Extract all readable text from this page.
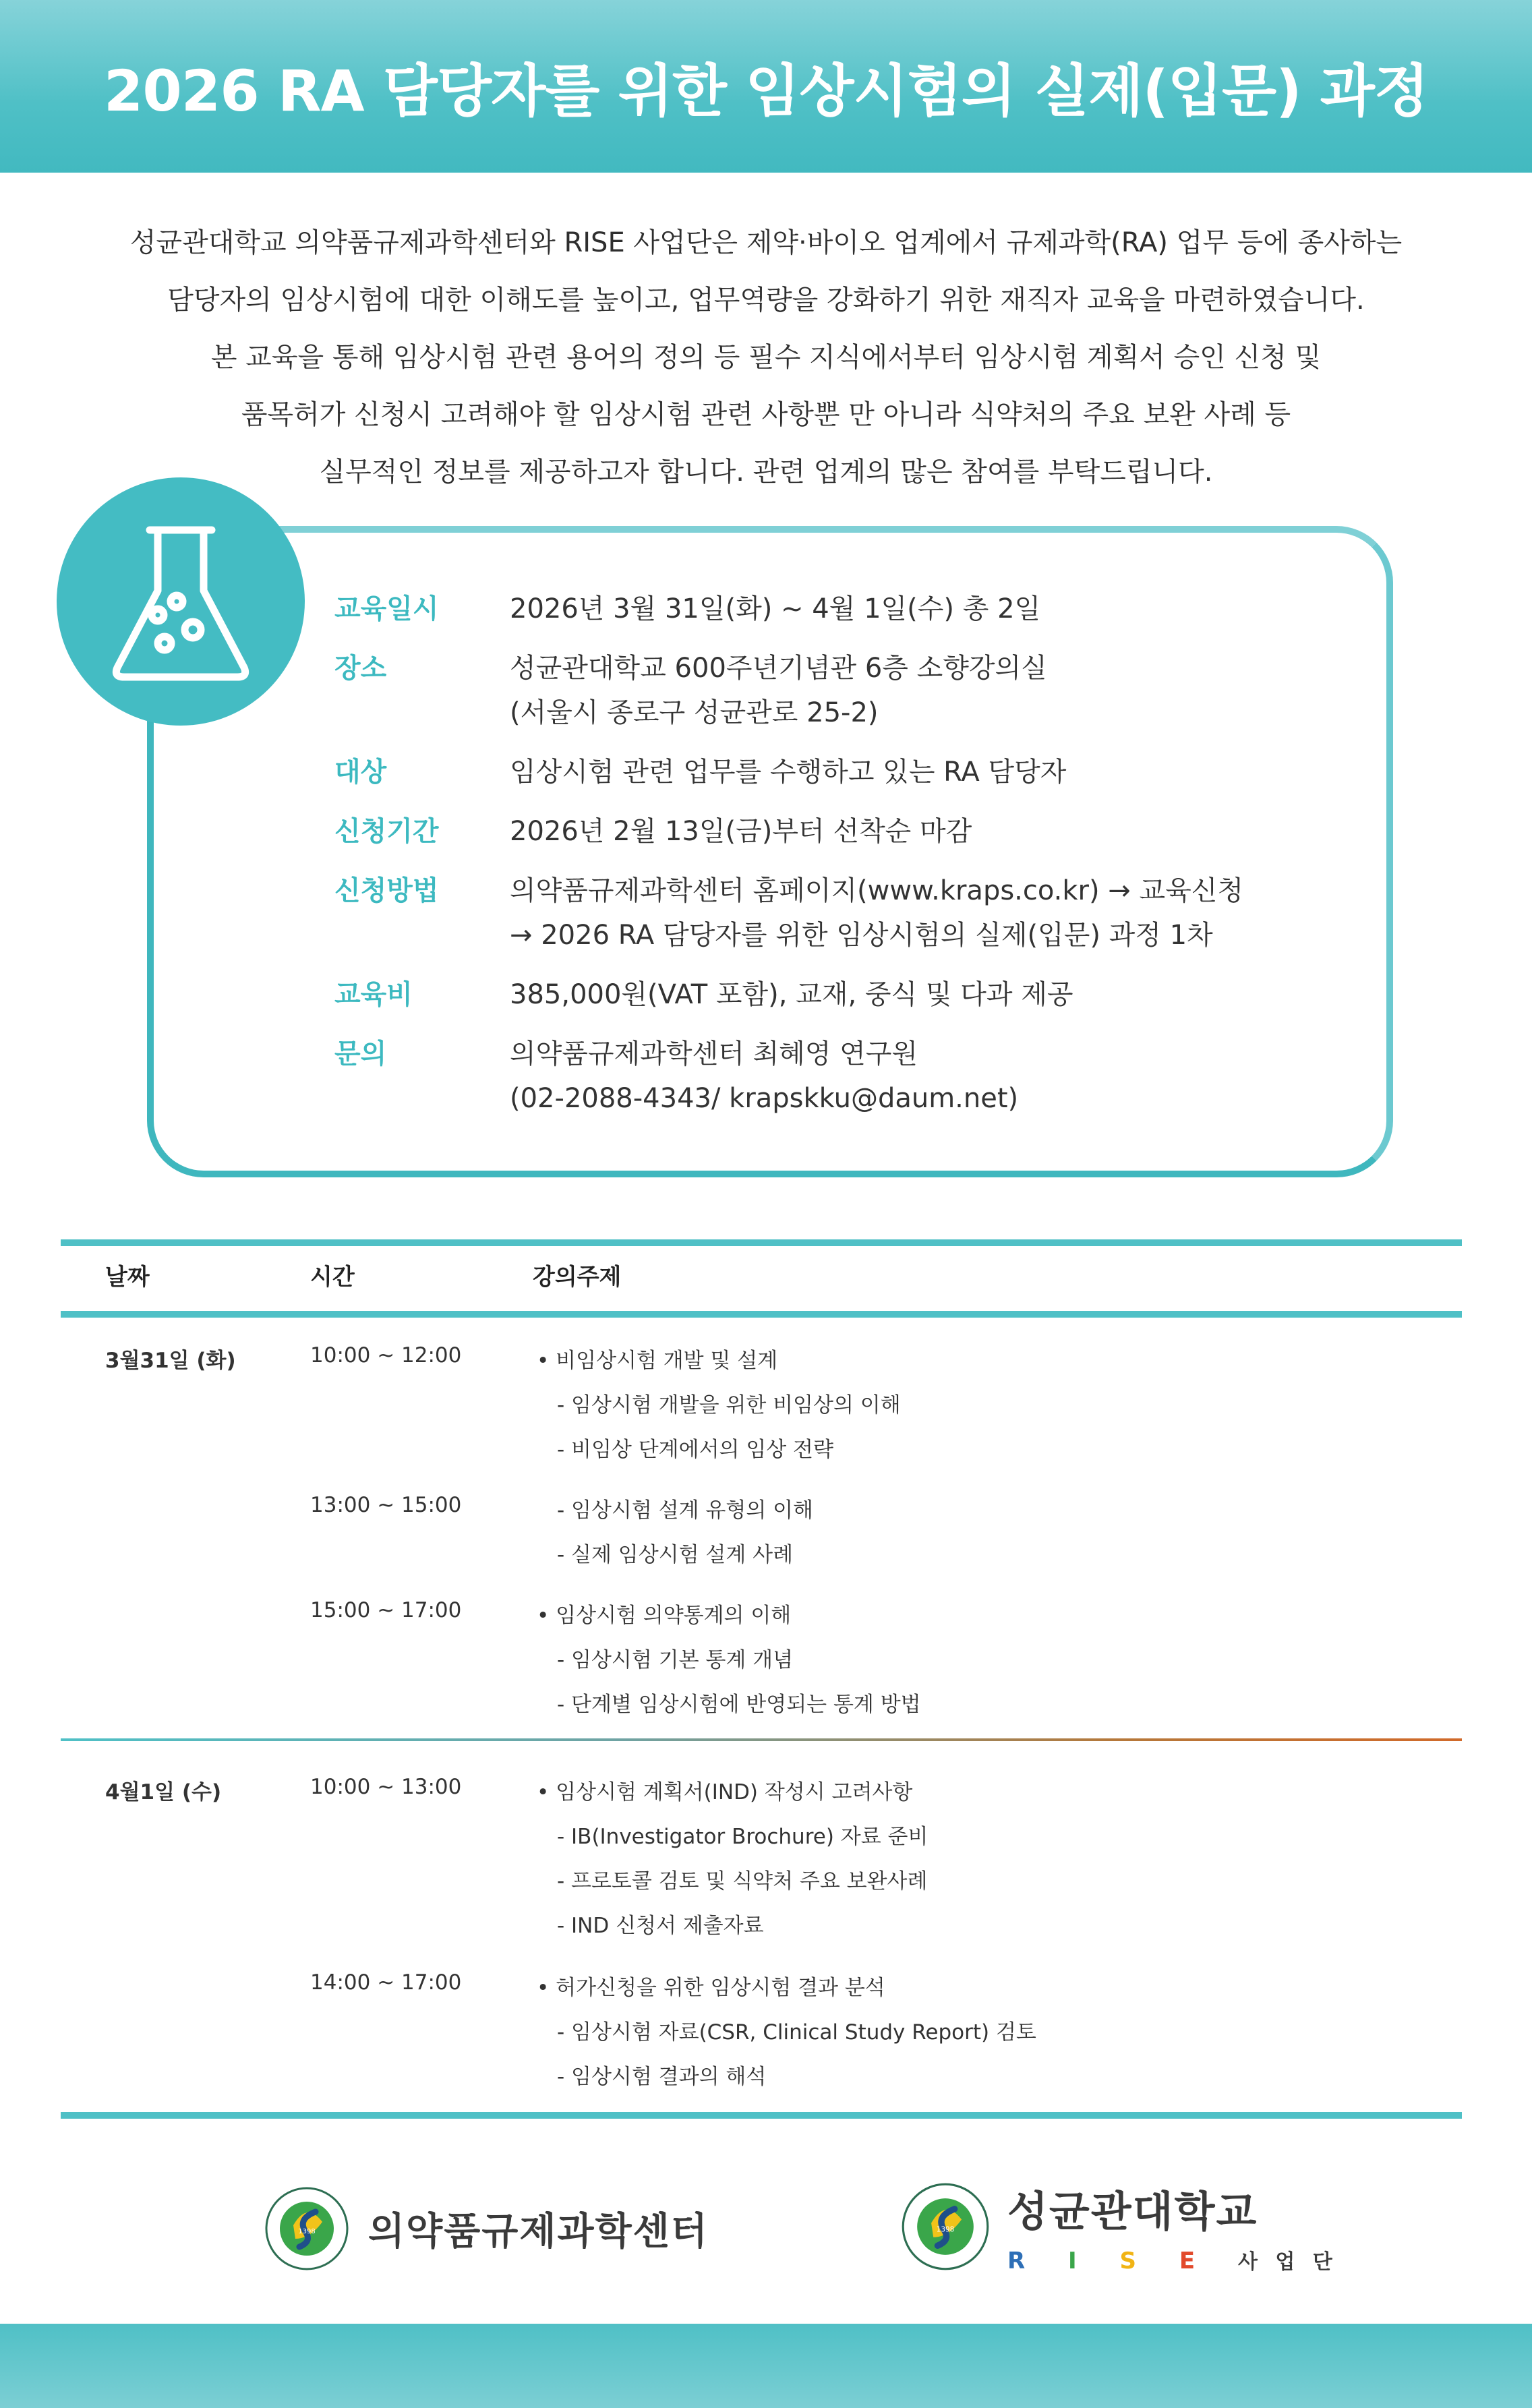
2026 RA 담당자를 위한 임상시험의 실제(입문) 과정

성균관대학교 의약품규제과학센터와 RISE 사업단은 제약·바이오 업계에서 규제과학(RA) 업무 등에 종사하는

담당자의 임상시험에 대한 이해도를 높이고, 업무역량을 강화하기 위한 재직자 교육을 마련하였습니다.

본 교육을 통해 임상시험 관련 용어의 정의 등 필수 지식에서부터 임상시험 계획서 승인 신청 및

품목허가 신청시 고려해야 할 임상시험 관련 사항뿐 만 아니라 식약처의 주요 보완 사례 등

실무적인 정보를 제공하고자 합니다. 관련 업계의 많은 참여를 부탁드립니다.

교육일시	2026년 3월 31일(화) ~ 4월 1일(수) 총 2일
장소	성균관대학교 600주년기념관 6층 소향강의실
(서울시 종로구 성균관로 25-2)
대상	임상시험 관련 업무를 수행하고 있는 RA 담당자
신청기간	2026년 2월 13일(금)부터 선착순 마감
신청방법	의약품규제과학센터 홈페이지(www.kraps.co.kr) → 교육신청
→ 2026 RA 담당자를 위한 임상시험의 실제(입문) 과정 1차
교육비	385,000원(VAT 포함), 교재, 중식 및 다과 제공
문의	의약품규제과학센터 최혜영 연구원
(02-2088-4343/ krapskku@daum.net)
날짜	시간	강의주제
3월31일 (화)	10:00 ~ 12:00	• 비임상시험 개발 및 설계
- 임상시험 개발을 위한 비임상의 이해
- 비임상 단계에서의 임상 전략
13:00 ~ 15:00	- 임상시험 설계 유형의 이해
- 실제 임상시험 설계 사례
15:00 ~ 17:00	• 임상시험 의약통계의 이해
- 임상시험 기본 통계 개념
- 단계별 임상시험에 반영되는 통계 방법
4월1일 (수)	10:00 ~ 13:00	• 임상시험 계획서(IND) 작성시 고려사항
- IB(Investigator Brochure) 자료 준비
- 프로토콜 검토 및 식약처 주요 보완사례
- IND 신청서 제출자료
14:00 ~ 17:00	• 허가신청을 위한 임상시험 결과 분석
- 임상시험 자료(CSR, Clinical Study Report) 검토
- 임상시험 결과의 해석
1398 의약품규제과학센터	1398 성균관대학교
R I S E 사 업 단
